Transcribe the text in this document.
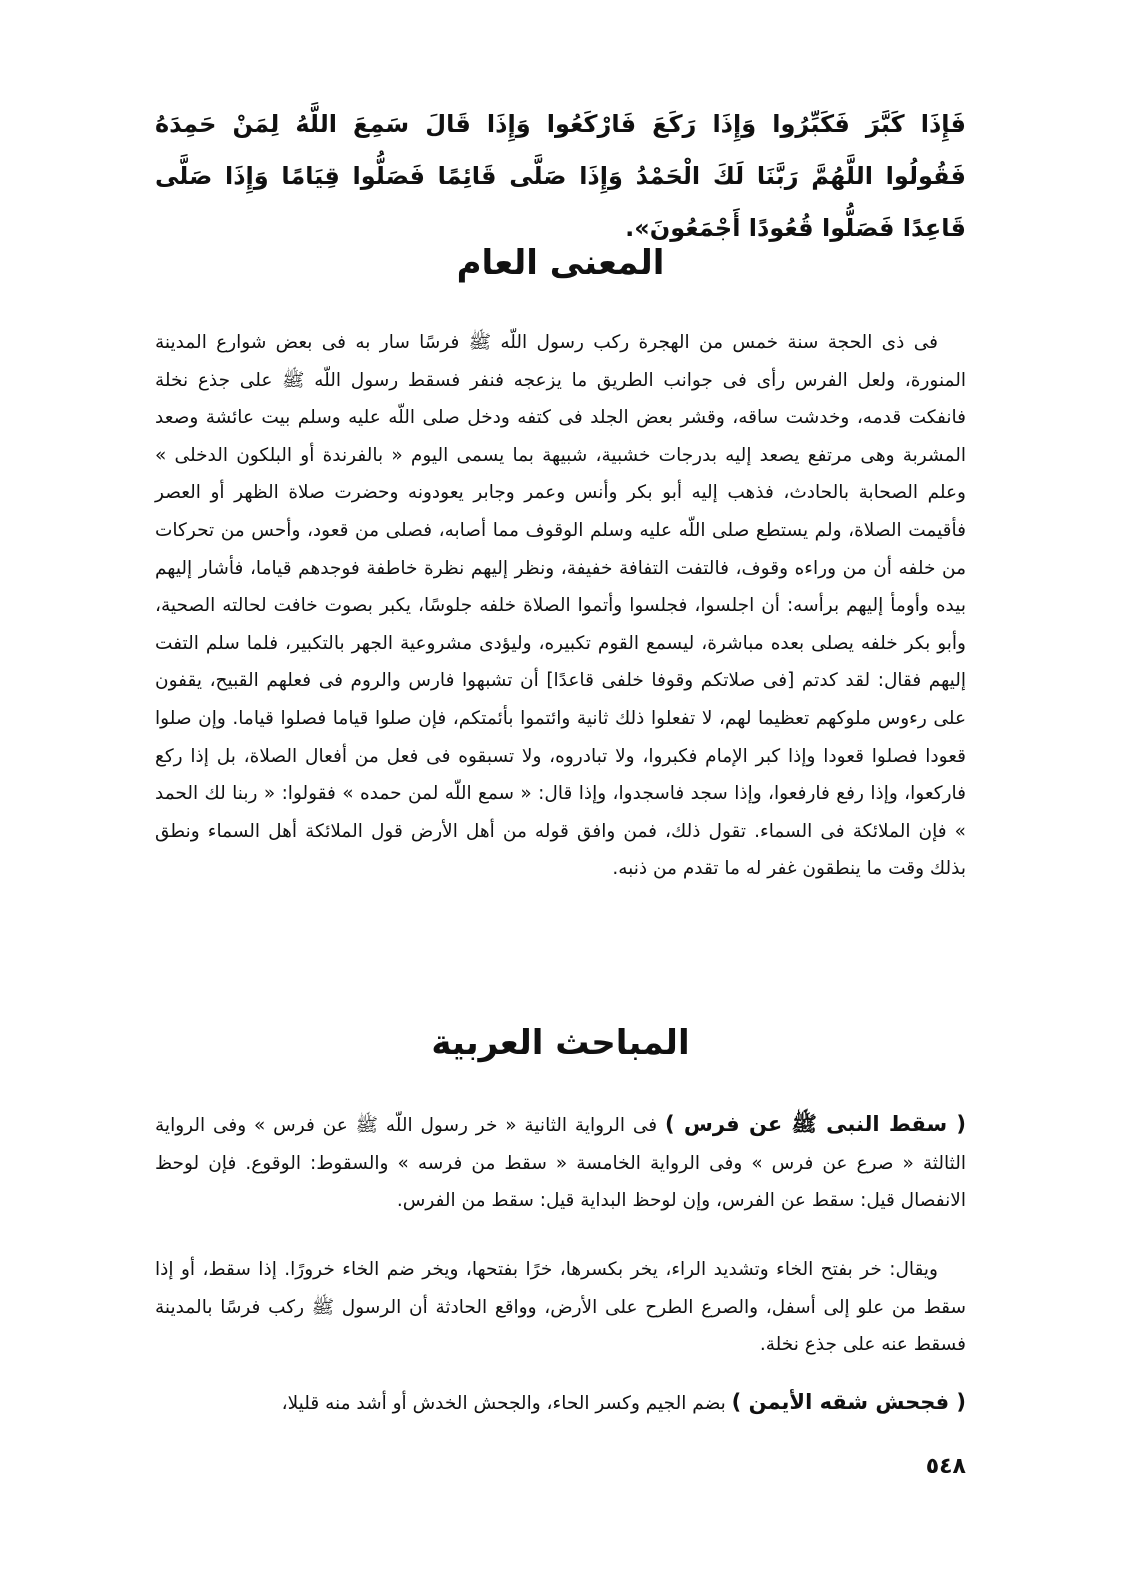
فَإِذَا كَبَّرَ فَكَبِّرُوا وَإِذَا رَكَعَ فَارْكَعُوا وَإِذَا قَالَ سَمِعَ اللَّهُ لِمَنْ حَمِدَهُ فَقُولُوا اللَّهُمَّ رَبَّنَا لَكَ الْحَمْدُ وَإِذَا صَلَّى قَائِمًا فَصَلُّوا قِيَامًا وَإِذَا صَلَّى قَاعِدًا فَصَلُّوا قُعُودًا أَجْمَعُونَ».

المعنى العام

فى ذى الحجة سنة خمس من الهجرة ركب رسول اللّه ﷺ فرسًا سار به فى بعض شوارع المدينة المنورة، ولعل الفرس رأى فى جوانب الطريق ما يزعجه فنفر فسقط رسول اللّه ﷺ على جذع نخلة فانفكت قدمه، وخدشت ساقه، وقشر بعض الجلد فى كتفه ودخل صلى اللّه عليه وسلم بيت عائشة وصعد المشربة وهى مرتفع يصعد إليه بدرجات خشبية، شبيهة بما يسمى اليوم « بالفرندة أو البلكون الدخلى » وعلم الصحابة بالحادث، فذهب إليه أبو بكر وأنس وعمر وجابر يعودونه وحضرت صلاة الظهر أو العصر فأقيمت الصلاة، ولم يستطع صلى اللّه عليه وسلم الوقوف مما أصابه، فصلى من قعود، وأحس من تحركات من خلفه أن من وراءه وقوف، فالتفت التفافة خفيفة، ونظر إليهم نظرة خاطفة فوجدهم قياما، فأشار إليهم بيده وأومأ إليهم برأسه: أن اجلسوا، فجلسوا وأتموا الصلاة خلفه جلوسًا، يكبر بصوت خافت لحالته الصحية، وأبو بكر خلفه يصلى بعده مباشرة، ليسمع القوم تكبيره، وليؤدى مشروعية الجهر بالتكبير، فلما سلم التفت إليهم فقال: لقد كدتم [فى صلاتكم وقوفا خلفى قاعدًا] أن تشبهوا فارس والروم فى فعلهم القبيح، يقفون على رءوس ملوكهم تعظيما لهم، لا تفعلوا ذلك ثانية وائتموا بأئمتكم، فإن صلوا قياما فصلوا قياما. وإن صلوا قعودا فصلوا قعودا وإذا كبر الإمام فكبروا، ولا تبادروه، ولا تسبقوه فى فعل من أفعال الصلاة، بل إذا ركع فاركعوا، وإذا رفع فارفعوا، وإذا سجد فاسجدوا، وإذا قال: « سمع اللّه لمن حمده » فقولوا: « ربنا لك الحمد » فإن الملائكة فى السماء. تقول ذلك، فمن وافق قوله من أهل الأرض قول الملائكة أهل السماء ونطق بذلك وقت ما ينطقون غفر له ما تقدم من ذنبه.

المباحث العربية

( سقط النبى ﷺ عن فرس ) فى الرواية الثانية « خر رسول اللّه ﷺ عن فرس » وفى الرواية الثالثة « صرع عن فرس » وفى الرواية الخامسة « سقط من فرسه » والسقوط: الوقوع. فإن لوحظ الانفصال قيل: سقط عن الفرس، وإن لوحظ البداية قيل: سقط من الفرس.

ويقال: خر بفتح الخاء وتشديد الراء، يخر بكسرها، خرًا بفتحها، ويخر ضم الخاء خرورًا. إذا سقط، أو إذا سقط من علو إلى أسفل، والصرع الطرح على الأرض، وواقع الحادثة أن الرسول ﷺ ركب فرسًا بالمدينة فسقط عنه على جذع نخلة.

( فجحش شقه الأيمن ) بضم الجيم وكسر الحاء، والجحش الخدش أو أشد منه قليلا،

٥٤٨
